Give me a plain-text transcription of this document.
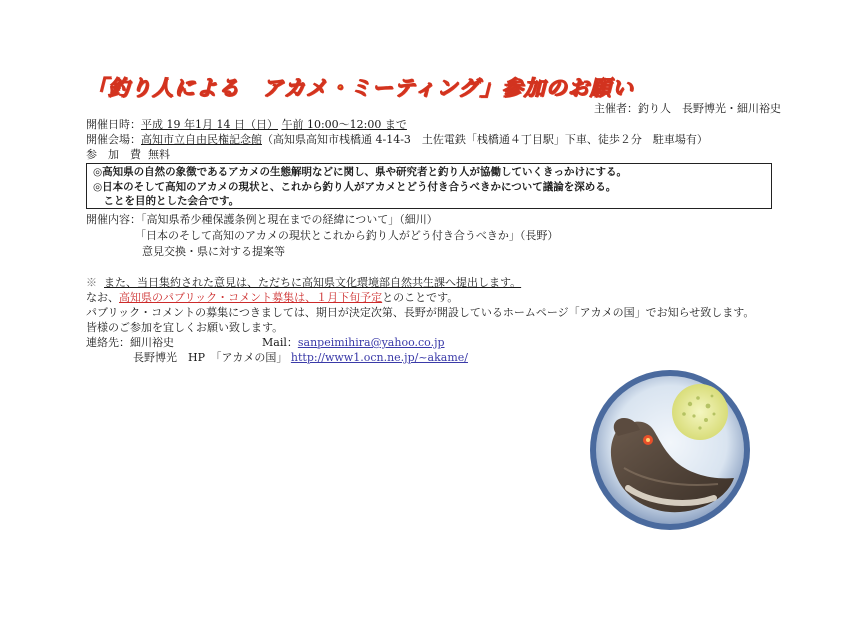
「釣り人による　アカメ・ミーティング」参加のお願い
主催者：釣り人　長野博光・細川裕史
開催日時：平成 19 年1月 14 日（日） 午前 10:00～12:00 まで
開催会場：高知市立自由民権記念館（高知県高知市桟橋通 4-14-3　土佐電鉄「桟橋通４丁目駅」下車、徒歩２分　駐車場有）
参　加　費 無料
◎高知県の自然の象徴であるアカメの生態解明などに関し、県や研究者と釣り人が協働していくきっかけにする。
◎日本のそして高知のアカメの現状と、これから釣り人がアカメとどう付き合うべきかについて議論を深める。
　ことを目的とした会合です。
開催内容：「高知県希少種保護条例と現在までの経緯について」（細川）
「日本のそして高知のアカメの現状とこれから釣り人がどう付き合うべきか」（長野）
意見交換・県に対する提案等
※ また、当日集約された意見は、ただちに高知県文化環境部自然共生課へ提出します。
なお、高知県のパブリック・コメント募集は、１月下旬予定とのことです。
パブリック・コメントの募集につきましては、期日が決定次第、長野が開設しているホームページ「アカメの国」でお知らせ致します。
皆様のご参加を宜しくお願い致します。
連絡先：細川裕史	Mail：sanpeimihira@yahoo.co.jp
長野博光　HP　「アカメの国」 http://www1.ocn.ne.jp/~akame/
